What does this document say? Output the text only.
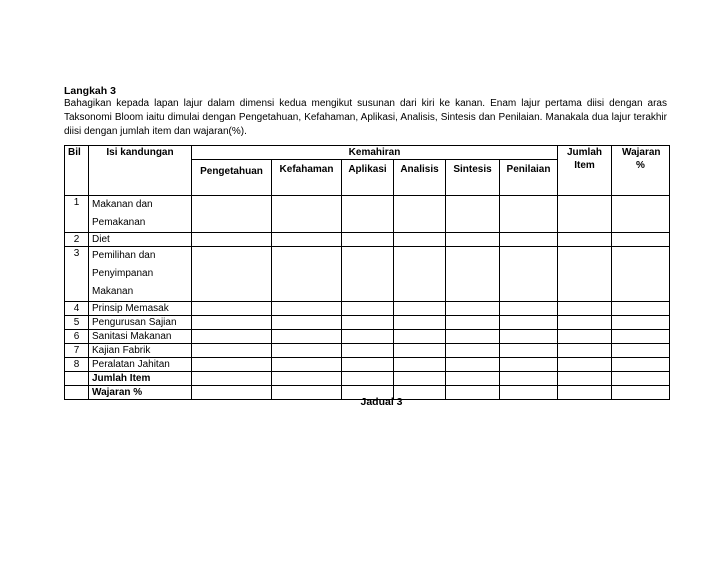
Langkah 3
Bahagikan kepada lapan lajur dalam dimensi kedua mengikut susunan dari kiri ke kanan. Enam lajur pertama diisi dengan aras Taksonomi Bloom iaitu dimulai dengan Pengetahuan, Kefahaman, Aplikasi, Analisis, Sintesis dan Penilaian. Manakala dua lajur terakhir diisi dengan jumlah item dan wajaran(%).
Bil	Isi kandungan	Kemahiran						Jumlah Item	Wajaran %
		Pengetahuan	Kefahaman	Aplikasi	Analisis	Sintesis	Penilaian		
1	Makanan dan Pemakanan								
2	Diet								
3	Pemilihan dan Penyimpanan Makanan								
4	Prinsip Memasak								
5	Pengurusan Sajian								
6	Sanitasi Makanan								
7	Kajian Fabrik								
8	Peralatan Jahitan								
	Jumlah Item								
	Wajaran %								
Jadual 3
